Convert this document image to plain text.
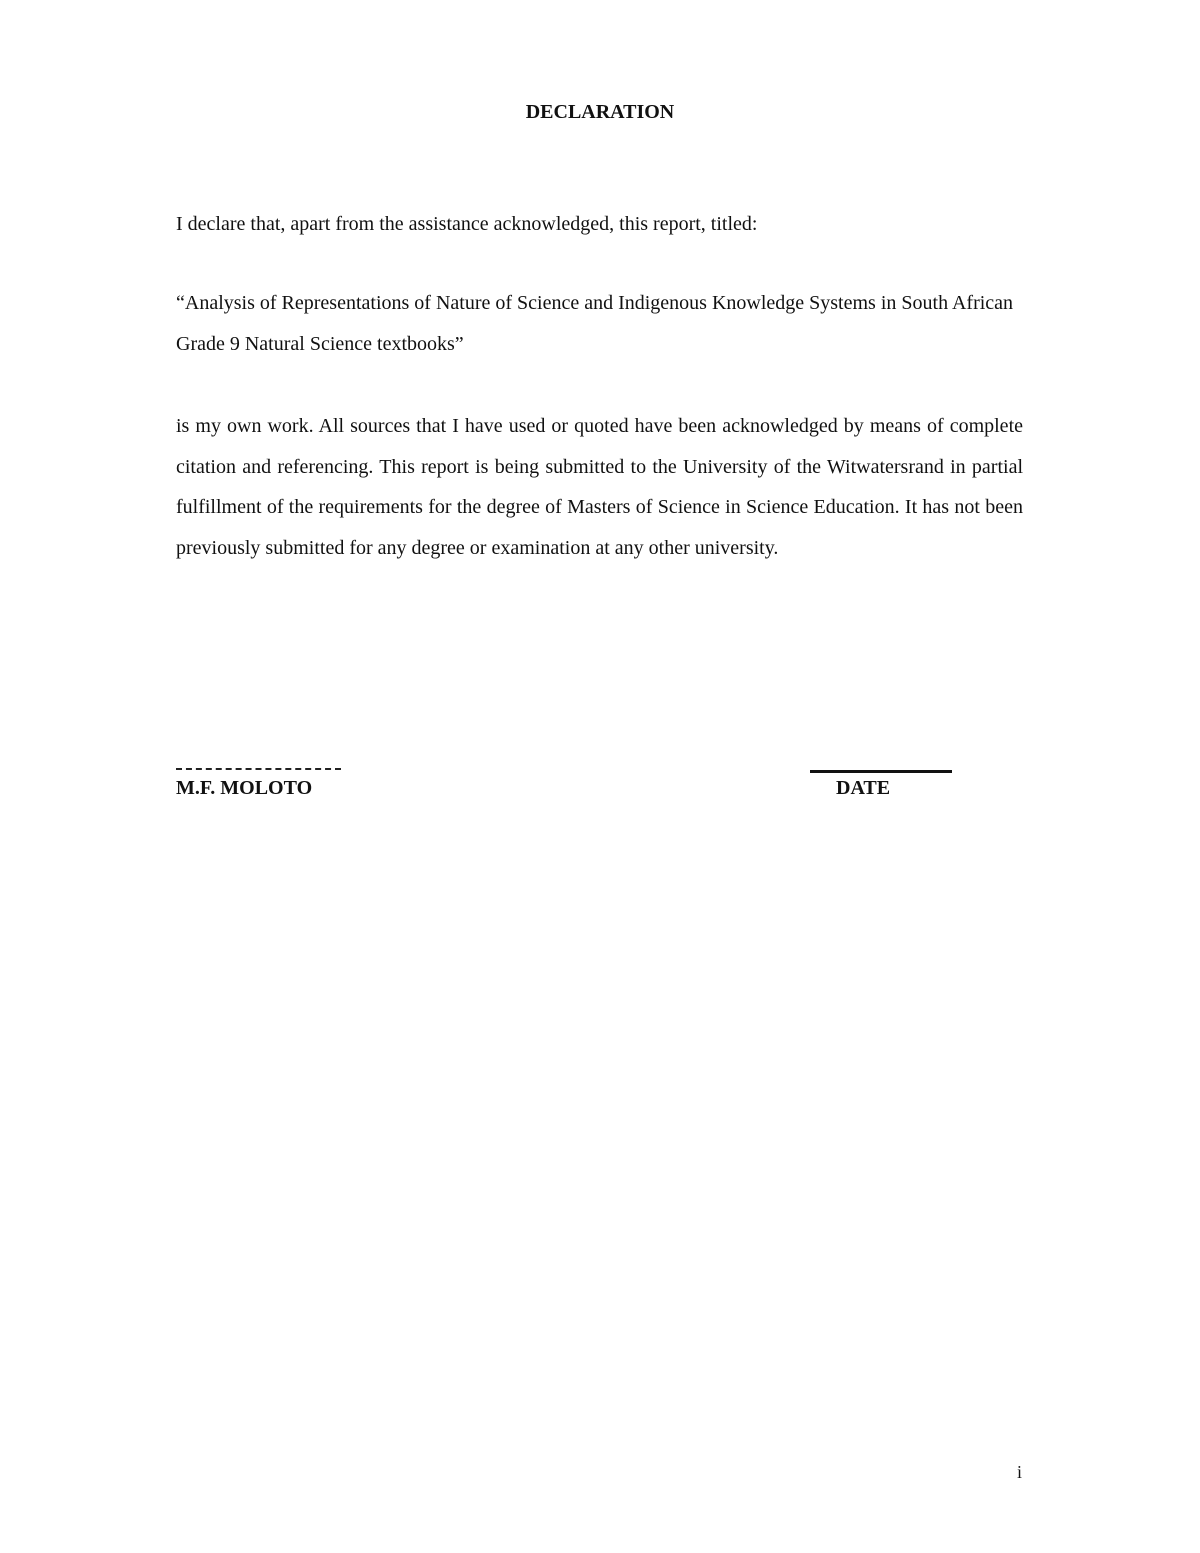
DECLARATION
I declare that, apart from the assistance acknowledged, this report, titled:
“Analysis of Representations of Nature of Science and Indigenous Knowledge Systems in South African Grade 9 Natural Science textbooks”
is my own work. All sources that I have used or quoted have been acknowledged by means of complete citation and referencing. This report is being submitted to the University of the Witwatersrand in partial fulfillment of the requirements for the degree of Masters of Science in Science Education. It has not been previously submitted for any degree or examination at any other university.
M.F. MOLOTO	DATE
i
